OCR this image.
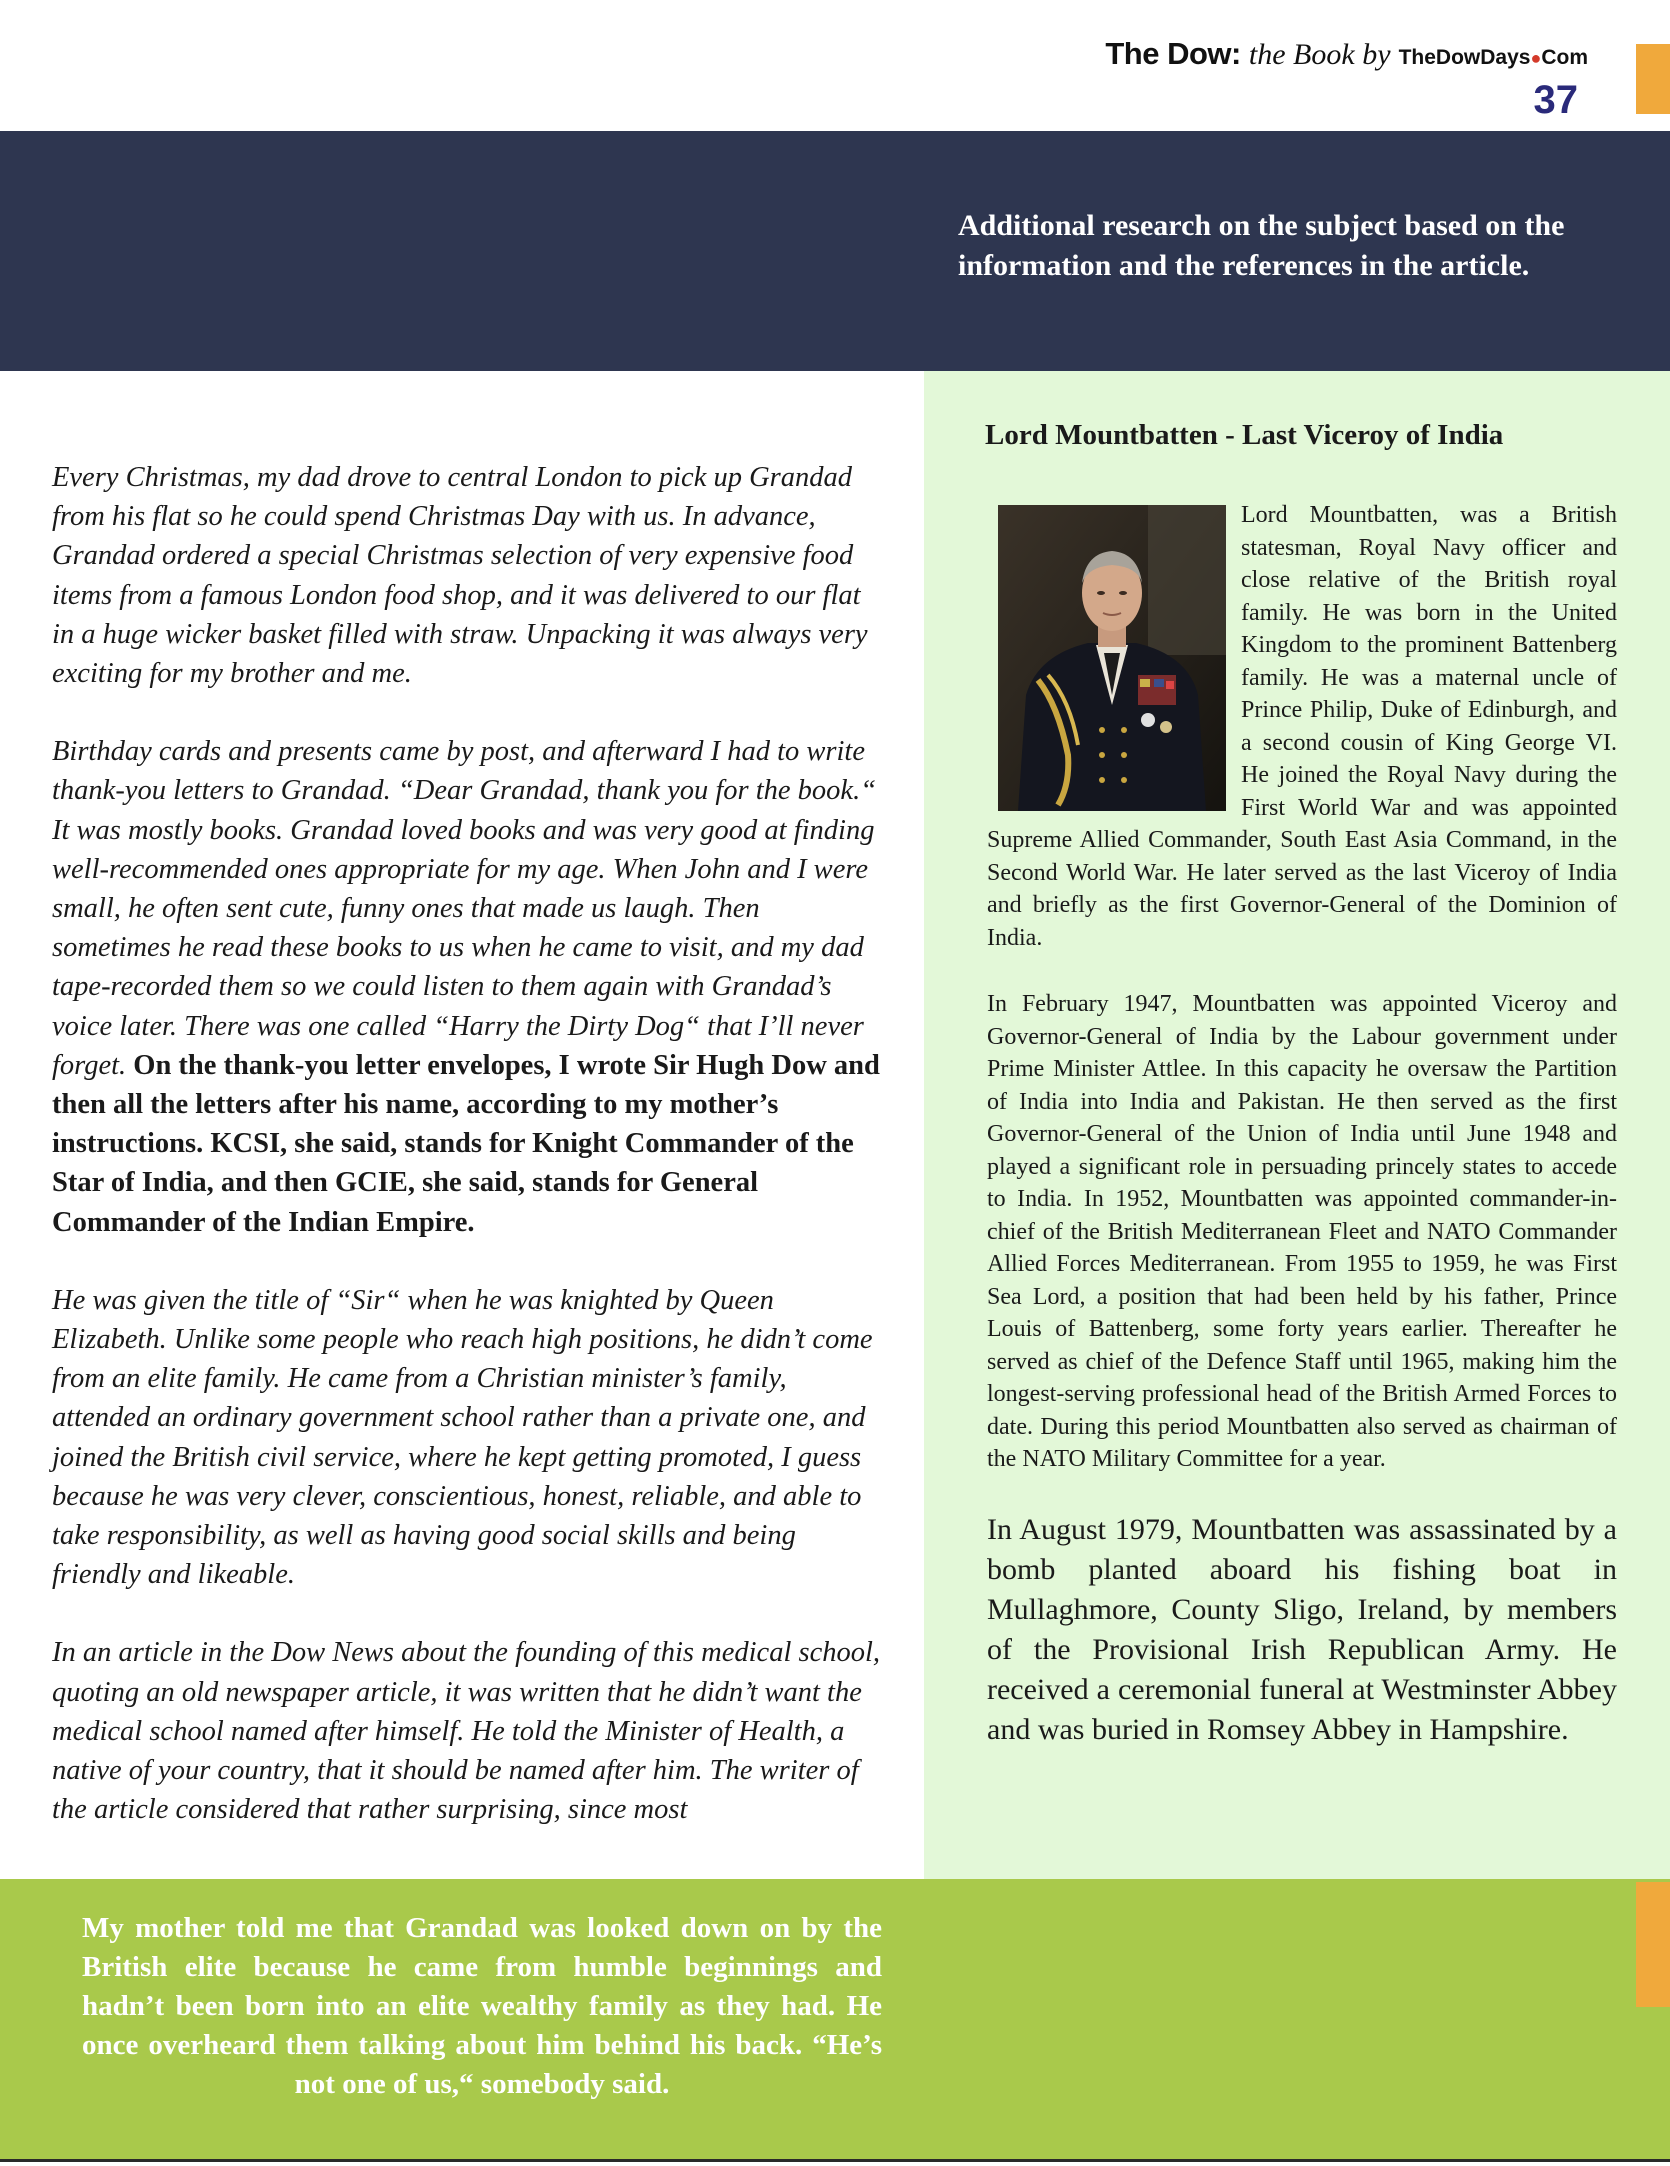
The Dow: the Book by TheDowDays●Com
37
Additional research on the subject based on the information and the references in the article.
Lord Mountbatten - Last Viceroy of India

Lord Mountbatten, was a British statesman, Royal Navy officer and close relative of the British royal family. He was born in the United Kingdom to the prominent Battenberg family. He was a maternal uncle of Prince Philip, Duke of Edinburgh, and a second cousin of King George VI. He joined the Royal Navy during the First World War and was appointed Supreme Allied Commander, South East Asia Command, in the Second World War. He later served as the last Viceroy of India and briefly as the first Governor-General of the Dominion of India.

In February 1947, Mountbatten was appointed Viceroy and Governor-General of India by the Labour government under Prime Minister Attlee. In this capacity he oversaw the Partition of India into India and Pakistan. He then served as the first Governor-General of the Union of India until June 1948 and played a significant role in persuading princely states to accede to India. In 1952, Mountbatten was appointed commander-in-chief of the British Mediterranean Fleet and NATO Commander Allied Forces Mediterranean. From 1955 to 1959, he was First Sea Lord, a position that had been held by his father, Prince Louis of Battenberg, some forty years earlier. Thereafter he served as chief of the Defence Staff until 1965, making him the longest-serving professional head of the British Armed Forces to date. During this period Mountbatten also served as chairman of the NATO Military Committee for a year.

In August 1979, Mountbatten was assassinated by a bomb planted aboard his fishing boat in Mullaghmore, County Sligo, Ireland, by members of the Provisional Irish Republican Army. He received a ceremonial funeral at Westminster Abbey and was buried in Romsey Abbey in Hampshire.

Every Christmas, my dad drove to central London to pick up Grandad from his flat so he could spend Christmas Day with us. In advance, Grandad ordered a special Christmas selection of very expensive food items from a famous London food shop, and it was delivered to our flat in a huge wicker basket filled with straw. Unpacking it was always very exciting for my brother and me.

Birthday cards and presents came by post, and afterward I had to write thank-you letters to Grandad. “Dear Grandad, thank you for the book.“ It was mostly books. Grandad loved books and was very good at finding well-recommended ones appropriate for my age. When John and I were small, he often sent cute, funny ones that made us laugh. Then sometimes he read these books to us when he came to visit, and my dad tape-recorded them so we could listen to them again with Grandad’s voice later. There was one called “Harry the Dirty Dog“ that I’ll never forget. On the thank-you letter envelopes, I wrote Sir Hugh Dow and then all the letters after his name, according to my mother’s instructions. KCSI, she said, stands for Knight Commander of the Star of India, and then GCIE, she said, stands for General Commander of the Indian Empire.

He was given the title of “Sir“ when he was knighted by Queen Elizabeth. Unlike some people who reach high positions, he didn’t come from an elite family. He came from a Christian minister’s family, attended an ordinary government school rather than a private one, and joined the British civil service, where he kept getting promoted, I guess because he was very clever, conscientious, honest, reliable, and able to take responsibility, as well as having good social skills and being friendly and likeable.

In an article in the Dow News about the founding of this medical school, quoting an old newspaper article, it was written that he didn’t want the medical school named after himself. He told the Minister of Health, a native of your country, that it should be named after him. The writer of the article considered that rather surprising, since most

My mother told me that Grandad was looked down on by the British elite because he came from humble beginnings and hadn’t been born into an elite wealthy family as they had. He once overheard them talking about him behind his back. “He’s not one of us,“ somebody said.
